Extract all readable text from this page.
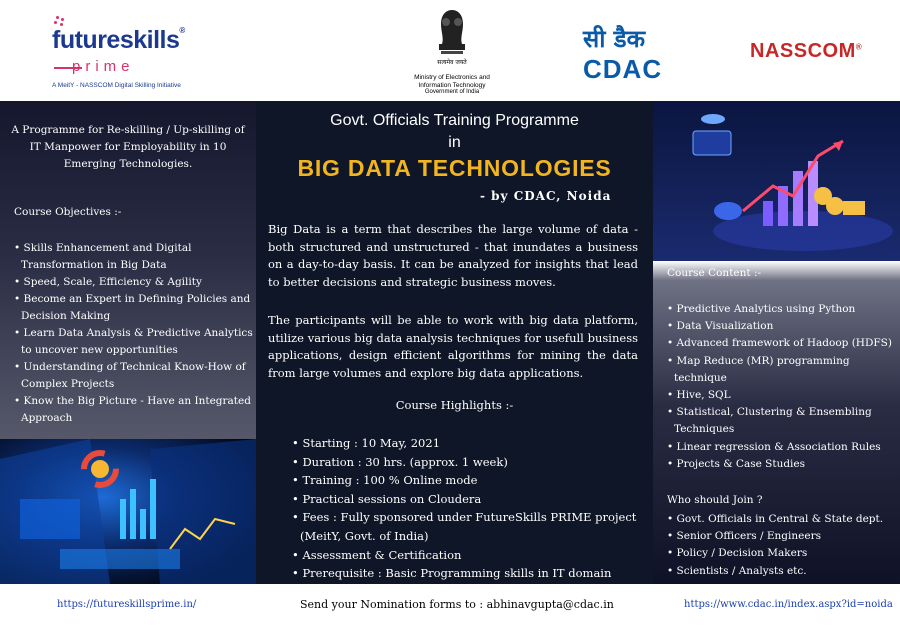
futureskills®
prime
A MeitY - NASSCOM Digital Skilling Initiative
सत्यमेव जयते
Ministry of Electronics and
Information Technology
Government of India
सी डैक
CDAC
NASSCOM®
A Programme for Re-skilling / Up-skilling of IT Manpower for Employability in 10 Emerging Technologies.
Course Objectives :-
• Skills Enhancement and Digital Transformation in Big Data
• Speed, Scale, Efficiency & Agility
• Become an Expert in Defining Policies and Decision Making
• Learn Data Analysis & Predictive Analytics to uncover new opportunities
• Understanding of Technical Know-How of Complex Projects
• Know the Big Picture - Have an Integrated Approach
Govt. Officials Training Programme
in
BIG DATA TECHNOLOGIES
- by CDAC, Noida
Big Data is a term that describes the large volume of data - both structured and unstructured - that inundates a business on a day-to-day basis. It can be analyzed for insights that lead to better decisions and strategic business moves.
The participants will be able to work with big data platform, utilize various big data analysis techniques for usefull business applications, design efficient algorithms for mining the data from large volumes and explore big data applications.
Course Highlights :-
• Starting : 10 May, 2021
• Duration : 30 hrs. (approx. 1 week)
• Training : 100 % Online mode
• Practical sessions on Cloudera
• Fees : Fully sponsored under FutureSkills PRIME project (MeitY, Govt. of India)
• Assessment & Certification
• Prerequisite : Basic Programming skills in IT domain
Course Content :-
• Predictive Analytics using Python
• Data Visualization
• Advanced framework of Hadoop (HDFS)
• Map Reduce (MR) programming technique
• Hive, SQL
• Statistical, Clustering & Ensembling Techniques
• Linear regression & Association Rules
• Projects & Case Studies
Who should Join ?
• Govt. Officials in Central & State dept.
• Senior Officers / Engineers
• Policy / Decision Makers
• Scientists / Analysts etc.
https://futureskillsprime.in/	Send your Nomination forms to : abhinavgupta@cdac.in	https://www.cdac.in/index.aspx?id=noida
